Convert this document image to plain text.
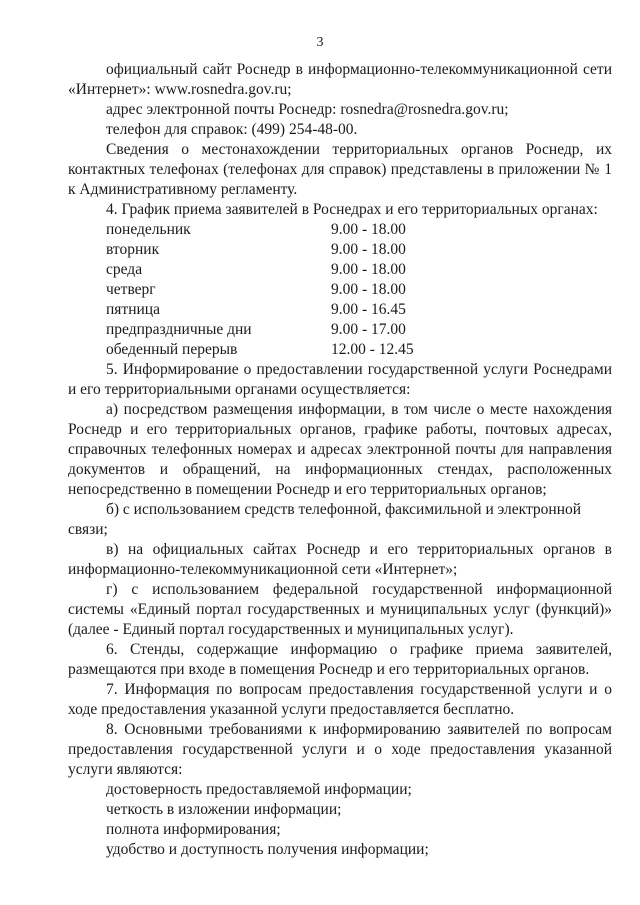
3

официальный сайт Роснедр в информационно-телекоммуникационной сети «Интернет»: www.rosnedra.gov.ru;

адрес электронной почты Роснедр: rosnedra@rosnedra.gov.ru;

телефон для справок: (499) 254-48-00.

Сведения о местонахождении территориальных органов Роснедр, их контактных телефонах (телефонах для справок) представлены в приложении № 1 к Административному регламенту.

4. График приема заявителей в Роснедрах и его территориальных органах:

понедельник	9.00 - 18.00
вторник	9.00 - 18.00
среда	9.00 - 18.00
четверг	9.00 - 18.00
пятница	9.00 - 16.45
предпраздничные дни	9.00 - 17.00
обеденный перерыв	12.00 - 12.45

5. Информирование о предоставлении государственной услуги Роснедрами и его территориальными органами осуществляется:

а) посредством размещения информации, в том числе о месте нахождения Роснедр и его территориальных органов, графике работы, почтовых адресах, справочных телефонных номерах и адресах электронной почты для направления документов и обращений, на информационных стендах, расположенных непосредственно в помещении Роснедр и его территориальных органов;

б) с использованием средств телефонной, факсимильной и электронной связи;

в) на официальных сайтах Роснедр и его территориальных органов в информационно-телекоммуникационной сети «Интернет»;

г) с использованием федеральной государственной информационной системы «Единый портал государственных и муниципальных услуг (функций)» (далее - Единый портал государственных и муниципальных услуг).

6. Стенды, содержащие информацию о графике приема заявителей, размещаются при входе в помещения Роснедр и его территориальных органов.

7. Информация по вопросам предоставления государственной услуги и о ходе предоставления указанной услуги предоставляется бесплатно.

8. Основными требованиями к информированию заявителей по вопросам предоставления государственной услуги и о ходе предоставления указанной услуги являются:

достоверность предоставляемой информации;

четкость в изложении информации;

полнота информирования;

удобство и доступность получения информации;
